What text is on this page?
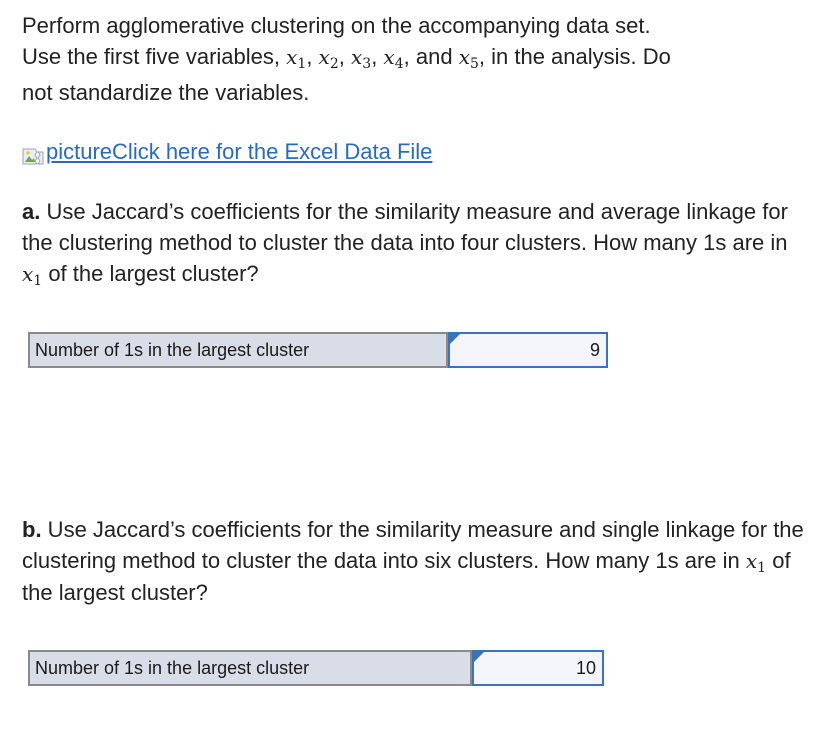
Perform agglomerative clustering on the accompanying data set.
Use the first five variables, $x_1$, $x_2$, $x_3$, $x_4$, and $x_5$, in the analysis. Do
not standardize the variables.

picture Click here for the Excel Data File

a. Use Jaccard’s coefficients for the similarity measure and average linkage for the clustering method to cluster the data into four clusters. How many 1s are in $x_1$ of the largest cluster?

Number of 1s in the largest cluster	9

b. Use Jaccard’s coefficients for the similarity measure and single linkage for the clustering method to cluster the data into six clusters. How many 1s are in $x_1$ of the largest cluster?

Number of 1s in the largest cluster	10
